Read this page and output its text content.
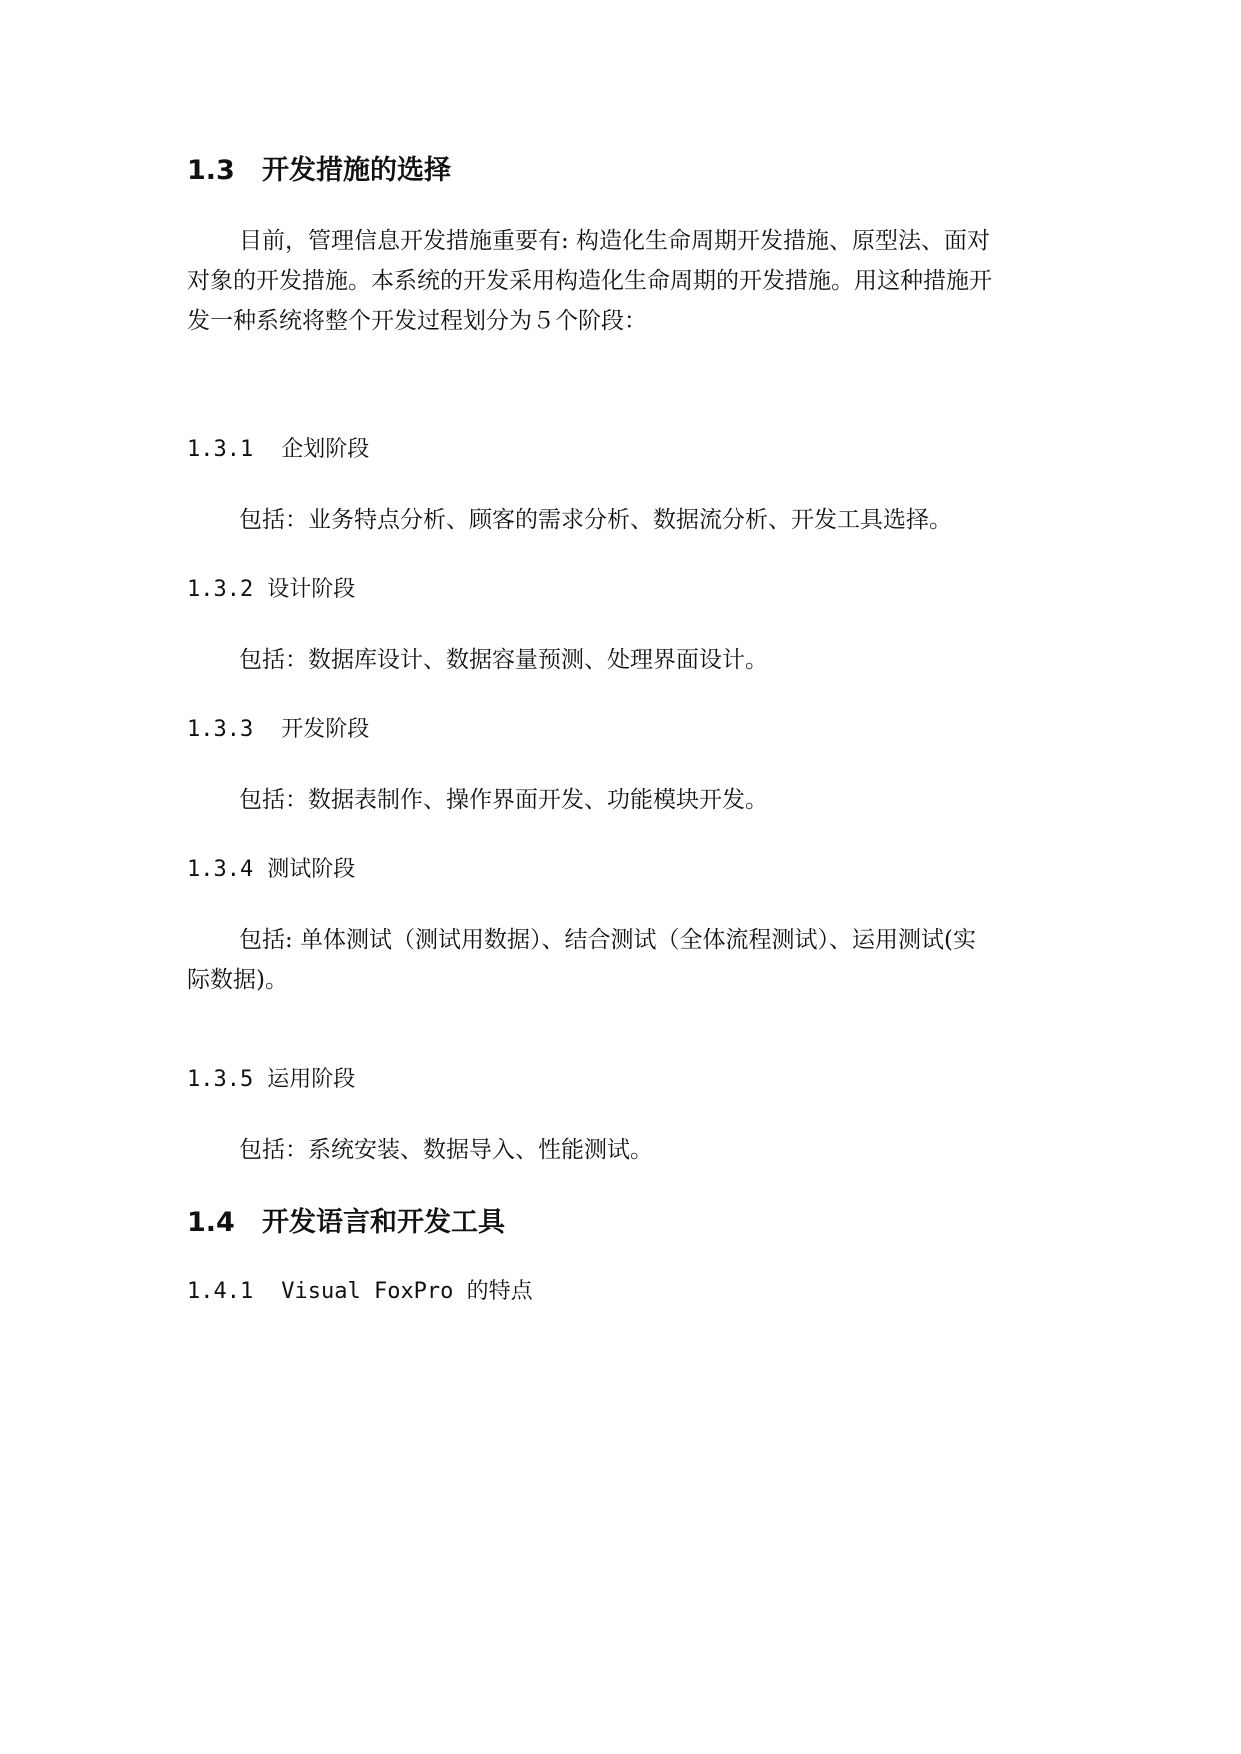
1.3 开发措施的选择
目前，管理信息开发措施重要有: 构造化生命周期开发措施、原型法、面对
对象的开发措施。本系统的开发采用构造化生命周期的开发措施。用这种措施开
发一种系统将整个开发过程划分为５个阶段：
1.3.1 企划阶段
包括：业务特点分析、顾客的需求分析、数据流分析、开发工具选择。
1.3.2 设计阶段
包括：数据库设计、数据容量预测、处理界面设计。
1.3.3 开发阶段
包括：数据表制作、操作界面开发、功能模块开发。
1.3.4 测试阶段
包括: 单体测试（测试用数据）、结合测试（全体流程测试）、运用测试(实
际数据)。
1.3.5 运用阶段
包括：系统安装、数据导入、性能测试。
1.4 开发语言和开发工具
1.4.1 Visual FoxPro 的特点
